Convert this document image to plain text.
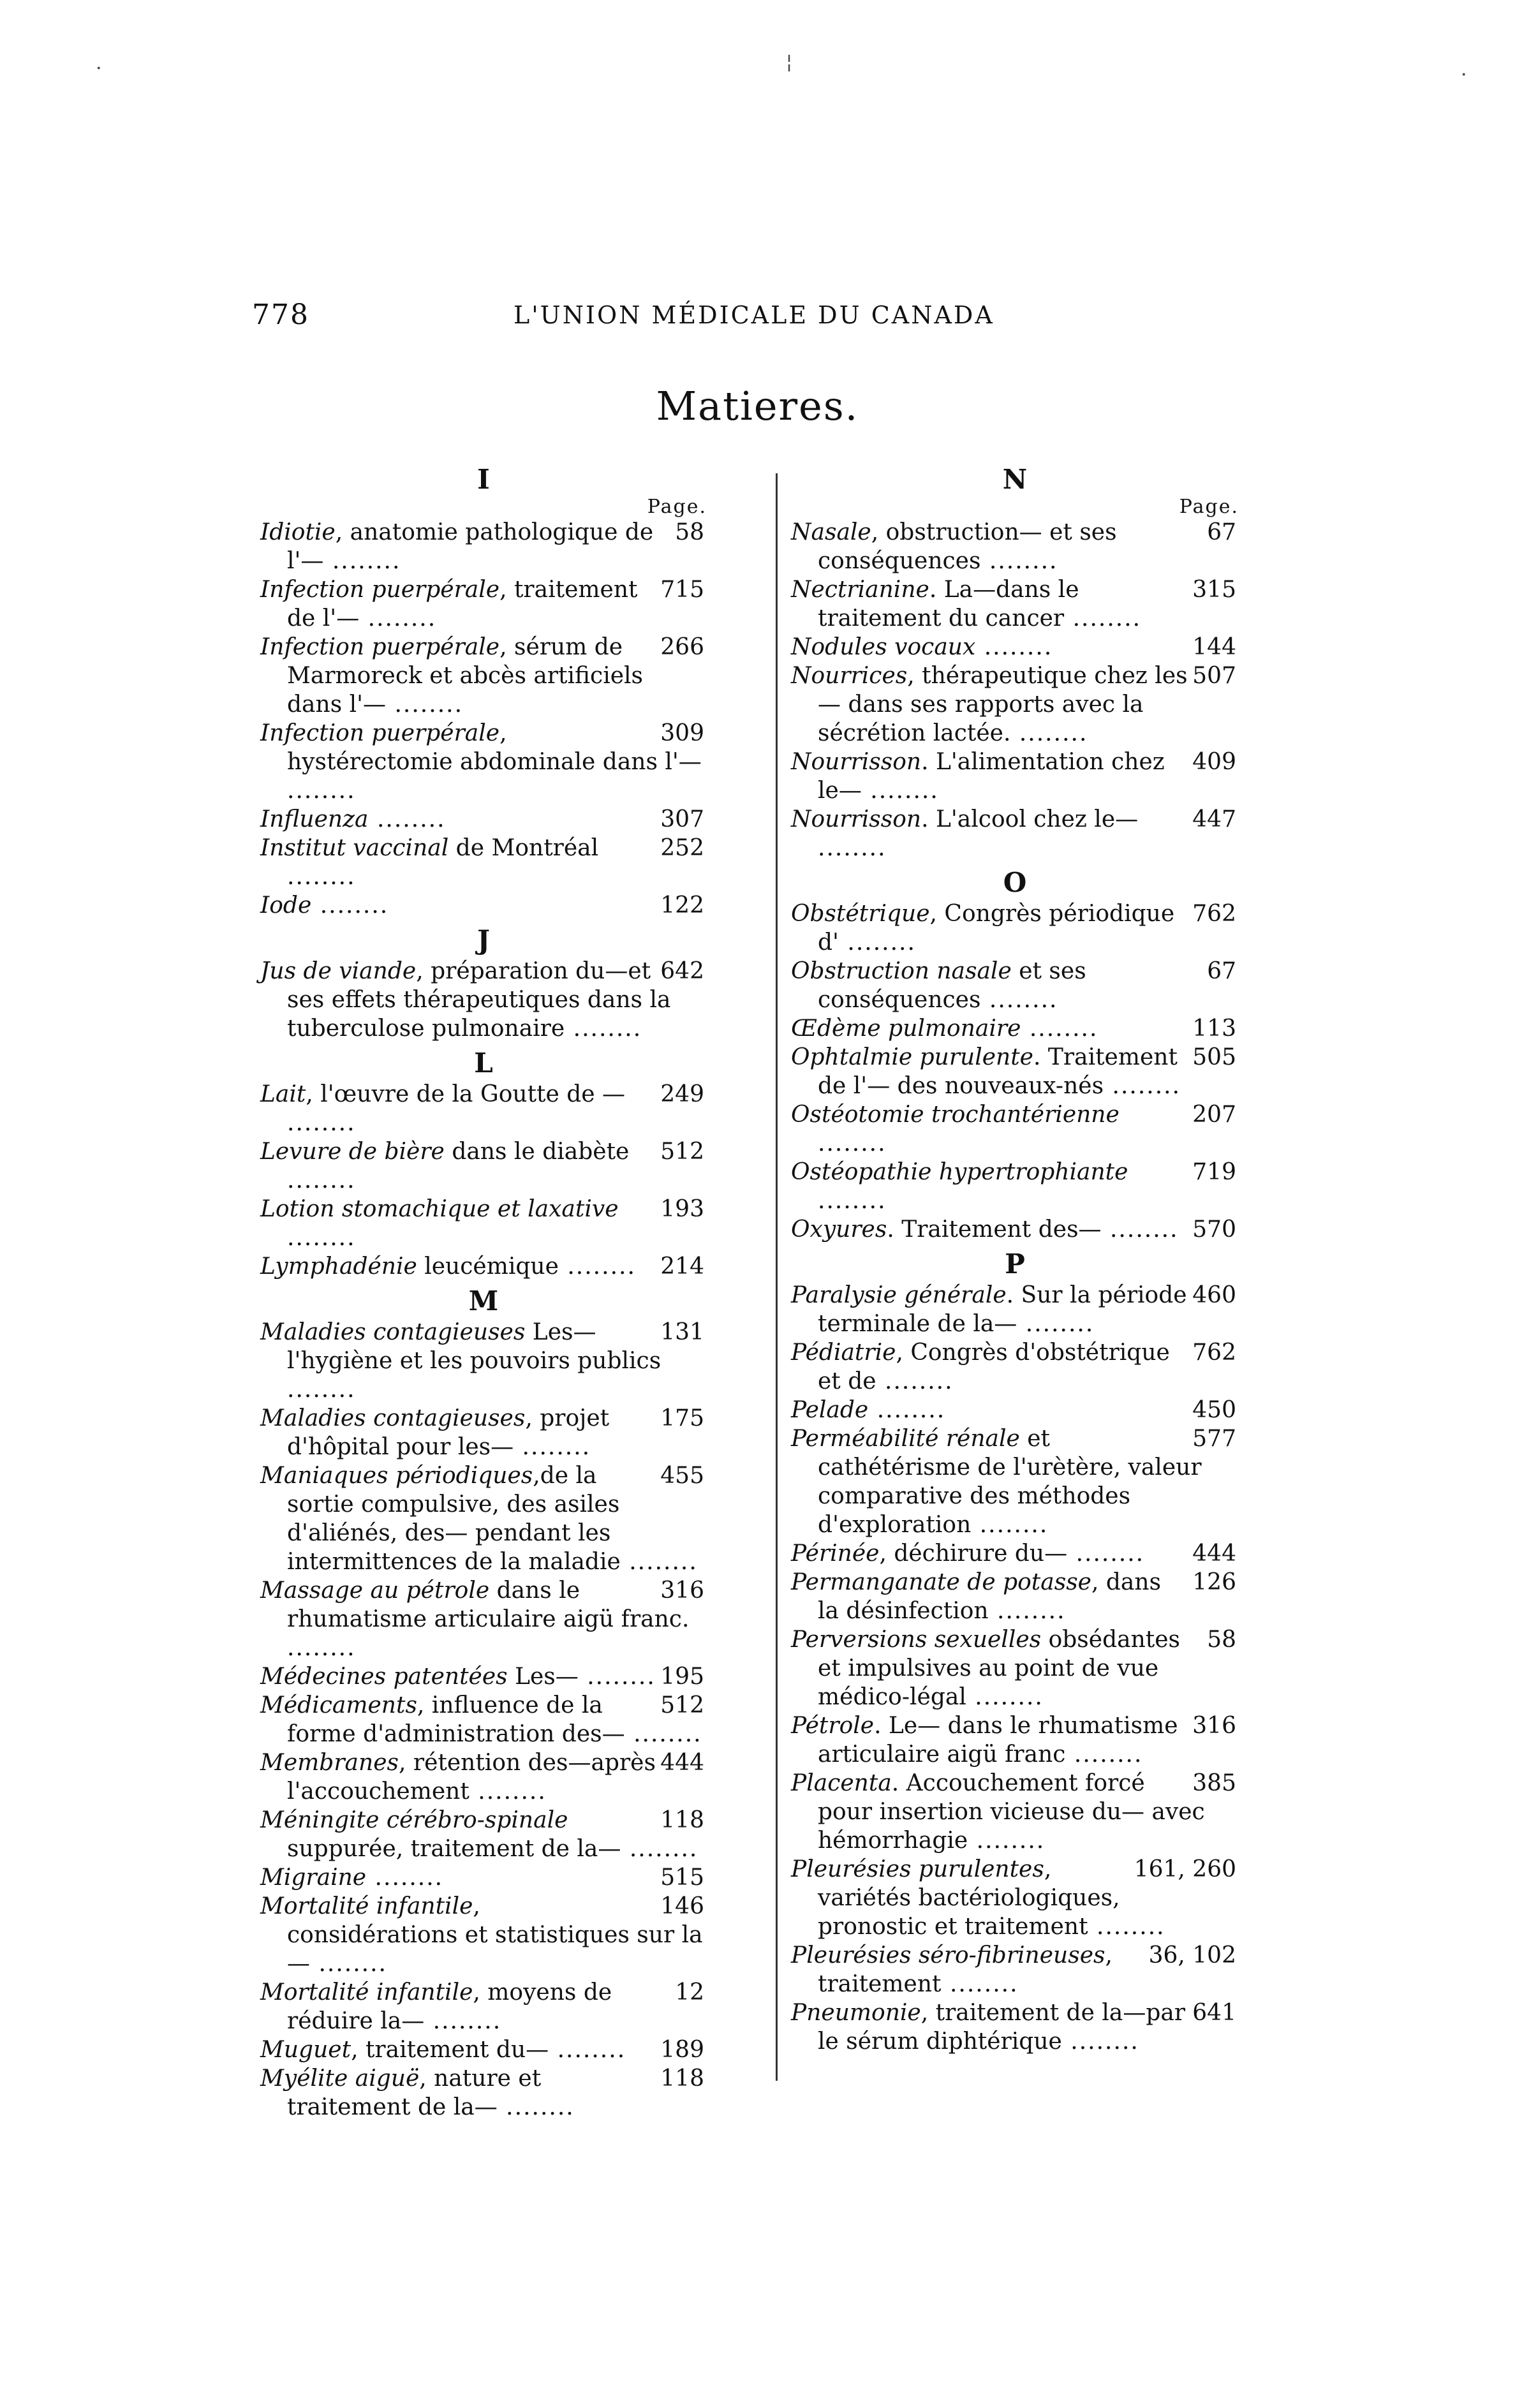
778	L'UNION MÉDICALE DU CANADA
Matieres.
I
Page.
58
Idiotie, anatomie pathologique de l'— ........
715
Infection puerpérale, traitement de l'— ........
266
Infection puerpérale, sérum de Marmoreck et abcès artificiels dans l'— ........
309
Infection puerpérale, hystérectomie abdominale dans l'— ........
307
Influenza ........
252
Institut vaccinal de Montréal ........
122
Iode ........
J
642
Jus de viande, préparation du—et ses effets thérapeutiques dans la tuberculose pulmonaire ........
L
249
Lait, l'œuvre de la Goutte de — ........
512
Levure de bière dans le diabète ........
193
Lotion stomachique et laxative ........
214
Lymphadénie leucémique ........
M
131
Maladies contagieuses Les—l'hygiène et les pouvoirs publics ........
175
Maladies contagieuses, projet d'hôpital pour les— ........
455
Maniaques périodiques,de la sortie compulsive, des asiles d'aliénés, des— pendant les intermittences de la maladie ........
316
Massage au pétrole dans le rhumatisme articulaire aigü franc. ........
195
Médecines patentées Les— ........
512
Médicaments, influence de la forme d'administration des— ........
444
Membranes, rétention des—après l'accouchement ........
118
Méningite cérébro-spinale suppurée, traitement de la— ........
515
Migraine ........
146
Mortalité infantile, considérations et statistiques sur la— ........
12
Mortalité infantile, moyens de réduire la— ........
189
Muguet, traitement du— ........
118
Myélite aiguë, nature et traitement de la— ........
N
Page.
67
Nasale, obstruction— et ses conséquences ........
315
Nectrianine. La—dans le traitement du cancer ........
144
Nodules vocaux ........
507
Nourrices, thérapeutique chez les — dans ses rapports avec la sécrétion lactée. ........
409
Nourrisson. L'alimentation chez le— ........
447
Nourrisson. L'alcool chez le— ........
O
762
Obstétrique, Congrès périodique d' ........
67
Obstruction nasale et ses conséquences ........
113
Œdème pulmonaire ........
505
Ophtalmie purulente. Traitement de l'— des nouveaux-nés ........
207
Ostéotomie trochantérienne ........
719
Ostéopathie hypertrophiante ........
570
Oxyures. Traitement des— ........
P
460
Paralysie générale. Sur la période terminale de la— ........
762
Pédiatrie, Congrès d'obstétrique et de ........
450
Pelade ........
577
Perméabilité rénale et cathétérisme de l'urètère, valeur comparative des méthodes d'exploration ........
444
Périnée, déchirure du— ........
126
Permanganate de potasse, dans la désinfection ........
58
Perversions sexuelles obsédantes et impulsives au point de vue médico-légal ........
316
Pétrole. Le— dans le rhumatisme articulaire aigü franc ........
385
Placenta. Accouchement forcé pour insertion vicieuse du— avec hémorrhagie ........
161, 260
Pleurésies purulentes, variétés bactériologiques, pronostic et traitement ........
36, 102
Pleurésies séro-fibrineuses, traitement ........
641
Pneumonie, traitement de la—par le sérum diphtérique ........
·	¦
·
